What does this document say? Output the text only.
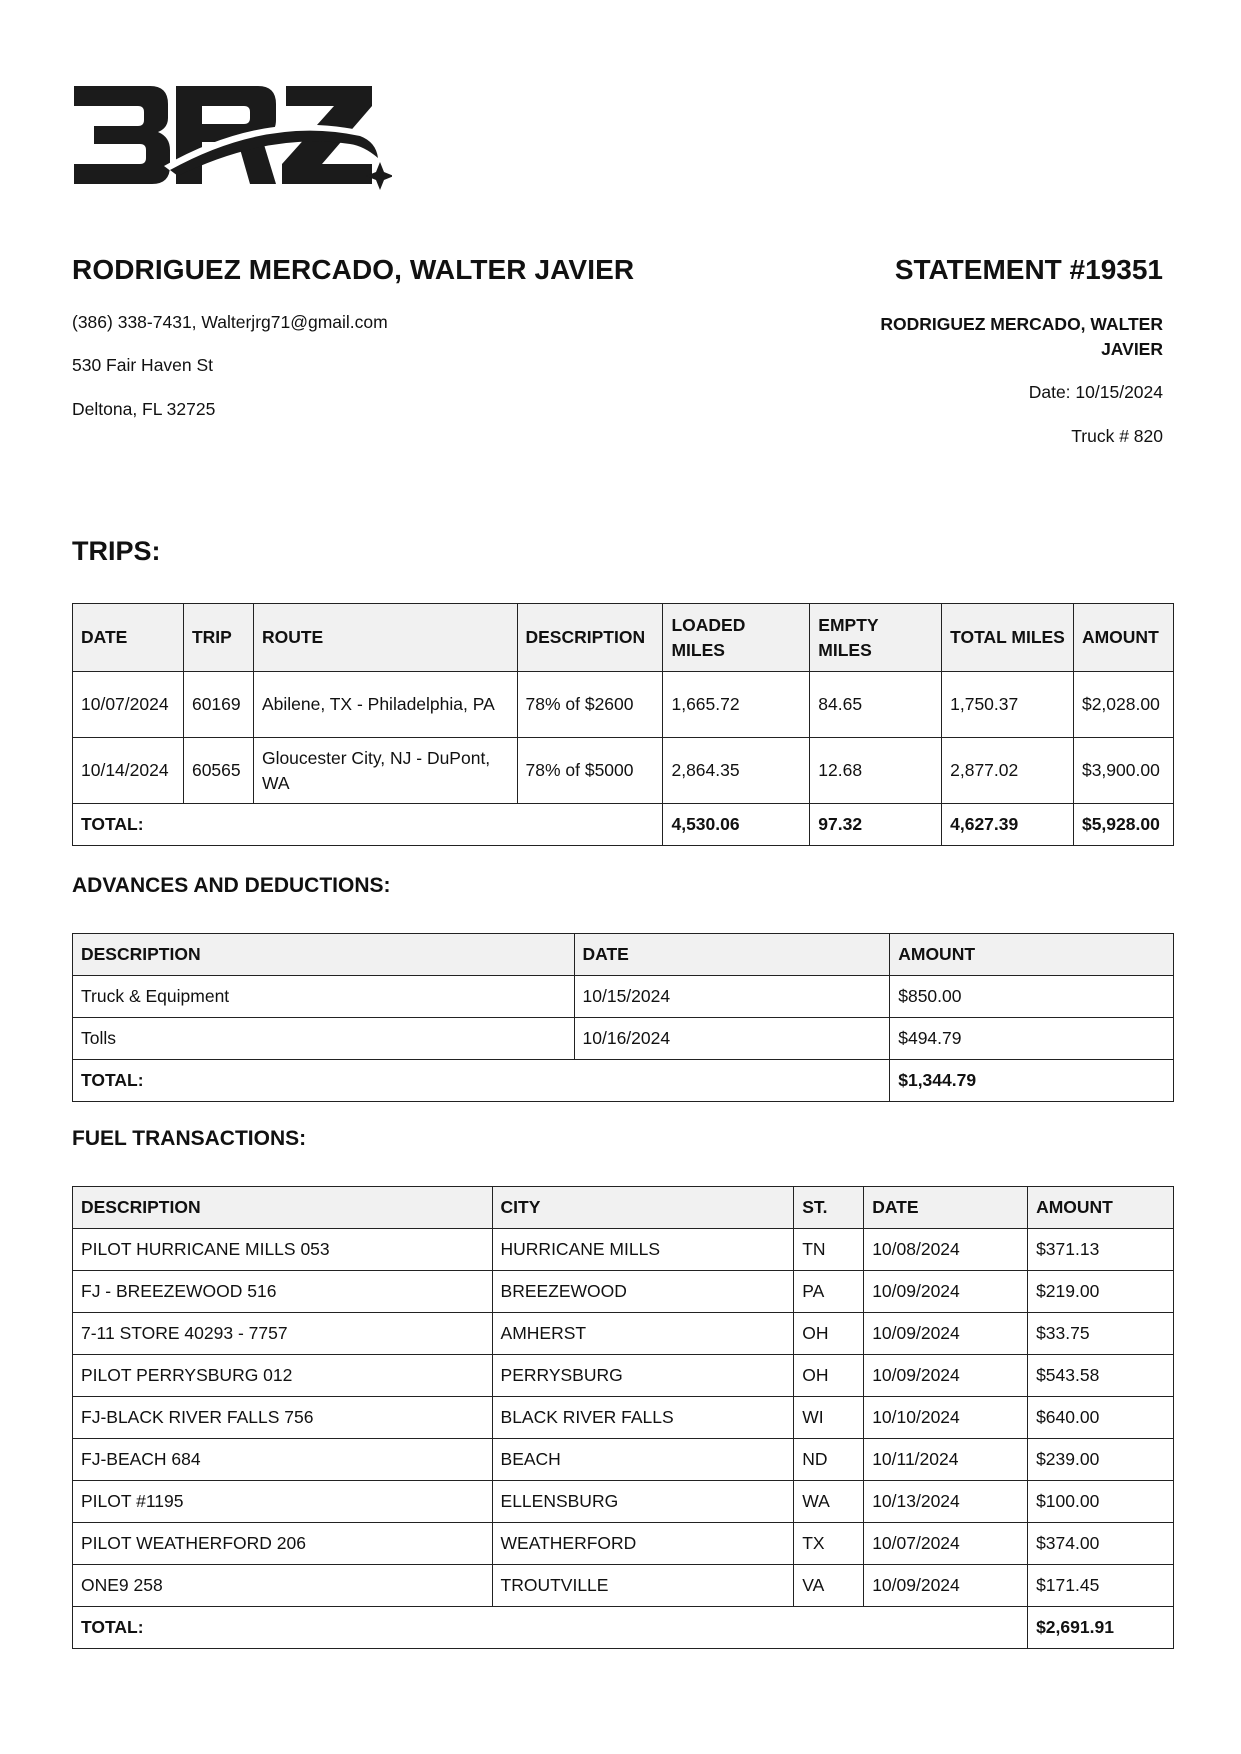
RODRIGUEZ MERCADO, WALTER JAVIER

(386) 338-7431, Walterjrg71@gmail.com

530 Fair Haven St

Deltona, FL 32725

STATEMENT #19351
RODRIGUEZ MERCADO, WALTER JAVIER
Date: 10/15/2024
Truck # 820
TRIPS:
DATE	TRIP	ROUTE	DESCRIPTION	LOADED MILES	EMPTY MILES	TOTAL MILES	AMOUNT
10/07/2024	60169	Abilene, TX - Philadelphia, PA	78% of $2600	1,665.72	84.65	1,750.37	$2,028.00
10/14/2024	60565	Gloucester City, NJ - DuPont, WA	78% of $5000	2,864.35	12.68	2,877.02	$3,900.00
TOTAL:				4,530.06	97.32	4,627.39	$5,928.00
ADVANCES AND DEDUCTIONS:
DESCRIPTION	DATE	AMOUNT
Truck & Equipment	10/15/2024	$850.00
Tolls	10/16/2024	$494.79
TOTAL:		$1,344.79
FUEL TRANSACTIONS:
DESCRIPTION	CITY	ST.	DATE	AMOUNT
PILOT HURRICANE MILLS 053	HURRICANE MILLS	TN	10/08/2024	$371.13
FJ - BREEZEWOOD 516	BREEZEWOOD	PA	10/09/2024	$219.00
7-11 STORE 40293 - 7757	AMHERST	OH	10/09/2024	$33.75
PILOT PERRYSBURG 012	PERRYSBURG	OH	10/09/2024	$543.58
FJ-BLACK RIVER FALLS 756	BLACK RIVER FALLS	WI	10/10/2024	$640.00
FJ-BEACH 684	BEACH	ND	10/11/2024	$239.00
PILOT #1195	ELLENSBURG	WA	10/13/2024	$100.00
PILOT WEATHERFORD 206	WEATHERFORD	TX	10/07/2024	$374.00
ONE9 258	TROUTVILLE	VA	10/09/2024	$171.45
TOTAL:				$2,691.91
